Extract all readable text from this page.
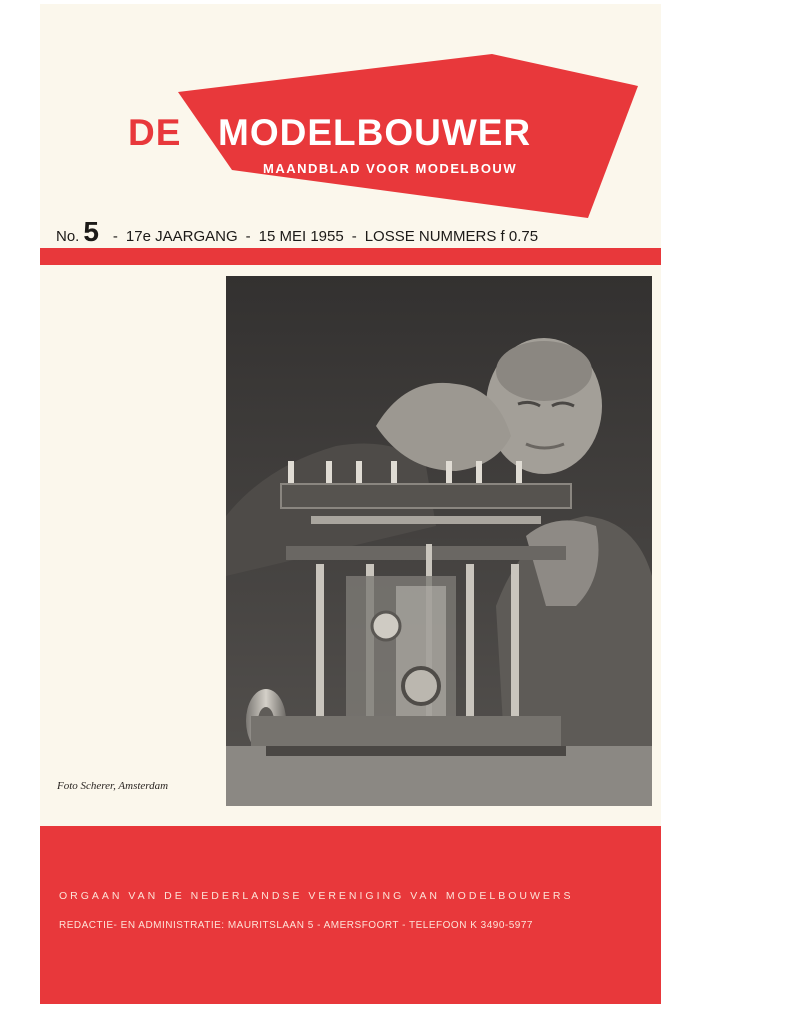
DE MODELBOUWER
MAANDBLAD VOOR MODELBOUW
No. 5 - 17e JAARGANG - 15 MEI 1955 - LOSSE NUMMERS f 0.75
Foto Scherer, Amsterdam
ORGAAN VAN DE NEDERLANDSE VERENIGING VAN MODELBOUWERS
REDACTIE- EN ADMINISTRATIE: MAURITSLAAN 5 - AMERSFOORT - TELEFOON K 3490-5977
